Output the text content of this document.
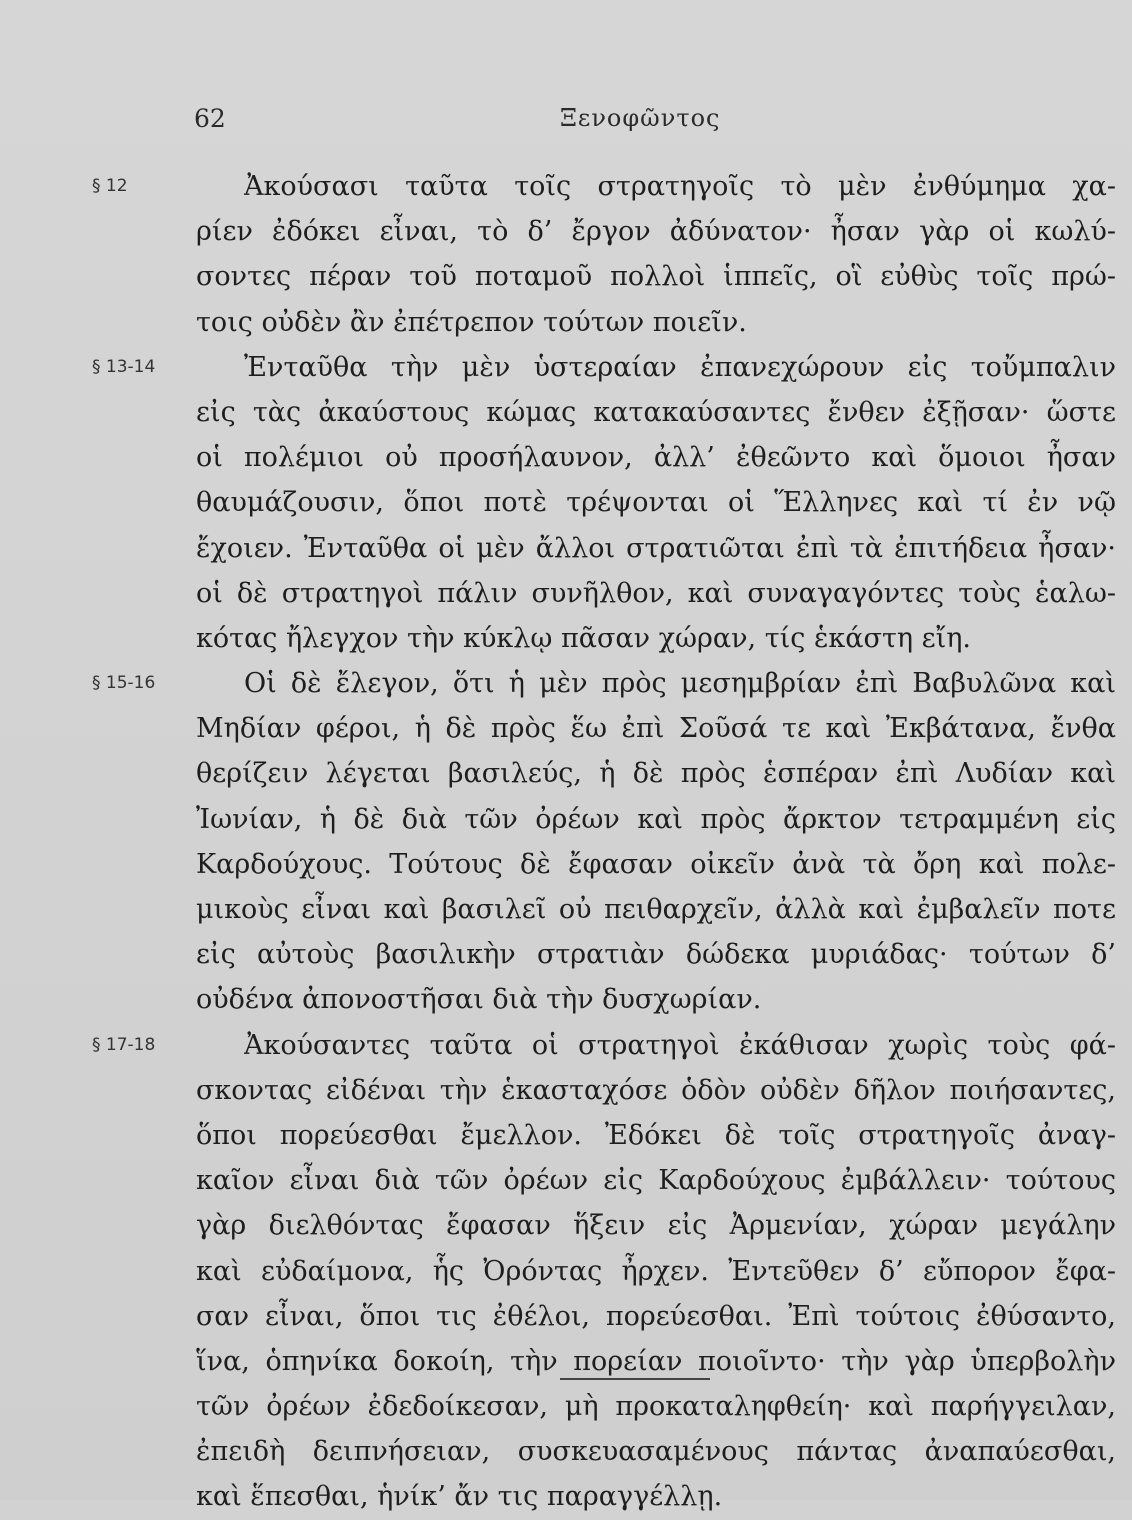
62	Ξενοφῶντος
§ 12	Ἀκούσασι ταῦτα τοῖς στρατηγοῖς τὸ μὲν ἐνθύμημα χα-
ρίεν ἐδόκει εἶναι, τὸ δ’ ἔργον ἀδύνατον· ἦσαν γὰρ οἱ κωλύ-
σοντες πέραν τοῦ ποταμοῦ πολλοὶ ἱππεῖς, οἳ εὐθὺς τοῖς πρώ-
τοις οὐδὲν ἂν ἐπέτρεπον τούτων ποιεῖν.
§ 13-14	Ἐνταῦθα τὴν μὲν ὑστεραίαν ἐπανεχώρουν εἰς τοὔμπαλιν
εἰς τὰς ἀκαύστους κώμας κατακαύσαντες ἔνθεν ἐξῇσαν· ὥστε
οἱ πολέμιοι οὐ προσήλαυνον, ἀλλ’ ἐθεῶντο καὶ ὅμοιοι ἦσαν
θαυμάζουσιν, ὅποι ποτὲ τρέψονται οἱ Ἕλληνες καὶ τί ἐν νῷ
ἔχοιεν. Ἐνταῦθα οἱ μὲν ἄλλοι στρατιῶται ἐπὶ τὰ ἐπιτήδεια ἦσαν·
οἱ δὲ στρατηγοὶ πάλιν συνῆλθον, καὶ συναγαγόντες τοὺς ἑαλω-
κότας ἤλεγχον τὴν κύκλῳ πᾶσαν χώραν, τίς ἑκάστη εἴη.
§ 15-16	Οἱ δὲ ἔλεγον, ὅτι ἡ μὲν πρὸς μεσημβρίαν ἐπὶ Βαβυλῶνα καὶ
Μηδίαν φέροι, ἡ δὲ πρὸς ἕω ἐπὶ Σοῦσά τε καὶ Ἐκβάτανα, ἔνθα
θερίζειν λέγεται βασιλεύς, ἡ δὲ πρὸς ἑσπέραν ἐπὶ Λυδίαν καὶ
Ἰωνίαν, ἡ δὲ διὰ τῶν ὀρέων καὶ πρὸς ἄρκτον τετραμμένη εἰς
Καρδούχους. Τούτους δὲ ἔφασαν οἰκεῖν ἀνὰ τὰ ὄρη καὶ πολε-
μικοὺς εἶναι καὶ βασιλεῖ οὐ πειθαρχεῖν, ἀλλὰ καὶ ἐμβαλεῖν ποτε
εἰς αὐτοὺς βασιλικὴν στρατιὰν δώδεκα μυριάδας· τούτων δ’
οὐδένα ἀπονοστῆσαι διὰ τὴν δυσχωρίαν.
§ 17-18	Ἀκούσαντες ταῦτα οἱ στρατηγοὶ ἐκάθισαν χωρὶς τοὺς φά-
σκοντας εἰδέναι τὴν ἑκασταχόσε ὁδὸν οὐδὲν δῆλον ποιήσαντες,
ὅποι πορεύεσθαι ἔμελλον. Ἐδόκει δὲ τοῖς στρατηγοῖς ἀναγ-
καῖον εἶναι διὰ τῶν ὀρέων εἰς Καρδούχους ἐμβάλλειν· τούτους
γὰρ διελθόντας ἔφασαν ἥξειν εἰς Ἀρμενίαν, χώραν μεγάλην
καὶ εὐδαίμονα, ἧς Ὀρόντας ἦρχεν. Ἐντεῦθεν δ’ εὔπορον ἔφα-
σαν εἶναι, ὅποι τις ἐθέλοι, πορεύεσθαι. Ἐπὶ τούτοις ἐθύσαντο,
ἵνα, ὁπηνίκα δοκοίη, τὴν πορείαν ποιοῖντο· τὴν γὰρ ὑπερβολὴν
τῶν ὀρέων ἐδεδοίκεσαν, μὴ προκαταληφθείη· καὶ παρήγγειλαν,
ἐπειδὴ δειπνήσειαν, συσκευασαμένους πάντας ἀναπαύεσθαι,
καὶ ἕπεσθαι, ἡνίκ’ ἄν τις παραγγέλλῃ.
